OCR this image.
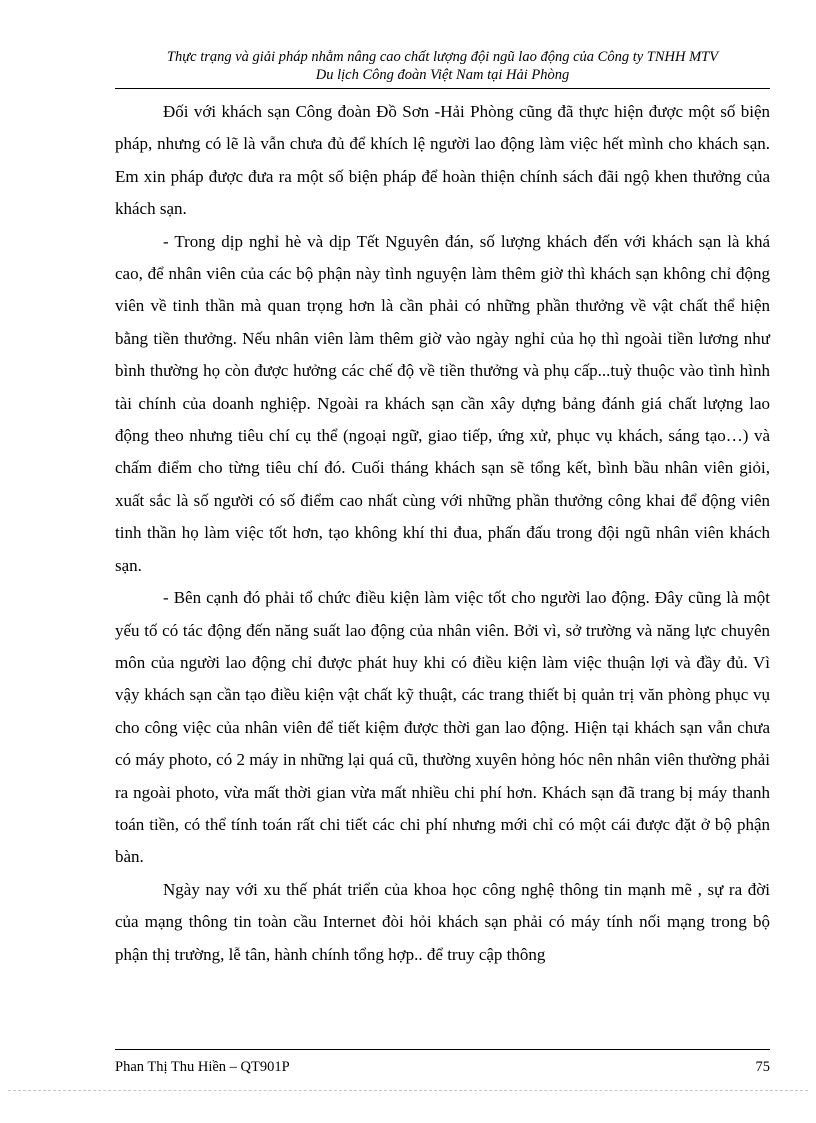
Thực trạng và giải pháp nhằm nâng cao chất lượng đội ngũ lao động của Công ty TNHH MTV
Du lịch Công đoàn Việt Nam tại Hải Phòng

Đối với khách sạn Công đoàn Đồ Sơn -Hải Phòng cũng đã thực hiện được một số biện pháp, nhưng có lẽ là vẫn chưa đủ để khích lệ người lao động làm việc hết mình cho khách sạn. Em xin pháp được đưa ra một số biện pháp để hoàn thiện chính sách đãi ngộ khen thưởng của khách sạn.

- Trong dịp nghỉ hè và dịp Tết Nguyên đán, số lượng khách đến với khách sạn là khá cao, để nhân viên của các bộ phận này tình nguyện làm thêm giờ thì khách sạn không chỉ động viên về tinh thần mà quan trọng hơn là cần phải có những phần thưởng về vật chất thể hiện bằng tiền thưởng. Nếu nhân viên làm thêm giờ vào ngày nghỉ của họ thì ngoài tiền lương như bình thường họ còn được hưởng các chế độ về tiền thưởng và phụ cấp...tuỳ thuộc vào tình hình tài chính của doanh nghiệp. Ngoài ra khách sạn cần xây dựng bảng đánh giá chất lượng lao động theo nhưng tiêu chí cụ thể (ngoại ngữ, giao tiếp, ứng xử, phục vụ khách, sáng tạo…) và chấm điểm cho từng tiêu chí đó. Cuối tháng khách sạn sẽ tổng kết, bình bầu nhân viên giỏi, xuất sắc là số người có số điểm cao nhất cùng với những phần thưởng công khai để động viên tinh thần họ làm việc tốt hơn, tạo không khí thi đua, phấn đấu trong đội ngũ nhân viên khách sạn.

- Bên cạnh đó phải tổ chức điều kiện làm việc tốt cho người lao động. Đây cũng là một yếu tố có tác động đến năng suất lao động của nhân viên. Bởi vì, sở trường và năng lực chuyên môn của người lao động chỉ được phát huy khi có điều kiện làm việc thuận lợi và đầy đủ. Vì vậy khách sạn cần tạo điều kiện vật chất kỹ thuật, các trang thiết bị quản trị văn phòng phục vụ cho công việc của nhân viên để tiết kiệm được thời gan lao động. Hiện tại khách sạn vẫn chưa có máy photo, có 2 máy in những lại quá cũ, thường xuyên hỏng hóc nên nhân viên thường phải ra ngoài photo, vừa mất thời gian vừa mất nhiều chi phí hơn. Khách sạn đã trang bị máy thanh toán tiền, có thể tính toán rất chi tiết các chi phí nhưng mới chỉ có một cái được đặt ở bộ phận bàn.

Ngày nay với xu thế phát triển của khoa học công nghệ thông tin mạnh mẽ , sự ra đời của mạng thông tin toàn cầu Internet đòi hỏi khách sạn phải có máy tính nối mạng trong bộ phận thị trường, lễ tân, hành chính tổng hợp.. để truy cập thông

Phan Thị Thu Hiền – QT901P	75
